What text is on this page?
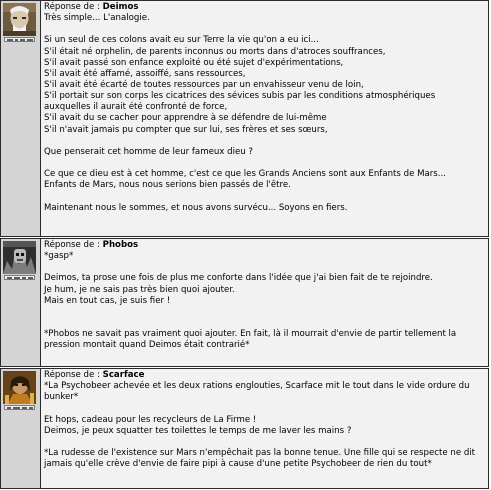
Réponse de : Deimos
Très simple... L'analogie.
Si un seul de ces colons avait eu sur Terre la vie qu'on a eu ici...
S'il était né orphelin, de parents inconnus ou morts dans d'atroces souffrances,
S'il avait passé son enfance exploité ou été sujet d'expérimentations,
S'il avait été affamé, assoiffé, sans ressources,
S'il avait été écarté de toutes ressources par un envahisseur venu de loin,
S'il portait sur son corps les cicatrices des sévices subis par les conditions atmosphériques
auxquelles il aurait été confronté de force,
S'il avait du se cacher pour apprendre à se défendre de lui-même
S'il n'avait jamais pu compter que sur lui, ses frères et ses sœurs,
Que penserait cet homme de leur fameux dieu ?
Ce que ce dieu est à cet homme, c'est ce que les Grands Anciens sont aux Enfants de Mars...
Enfants de Mars, nous nous serions bien passés de l'être.
Maintenant nous le sommes, et nous avons survécu... Soyons en fiers.
Réponse de : Phobos
*gasp*
Deimos, ta prose une fois de plus me conforte dans l'idée que j'ai bien fait de te rejoindre.
Je hum, je ne sais pas très bien quoi ajouter.
Mais en tout cas, je suis fier !
*Phobos ne savait pas vraiment quoi ajouter. En fait, là il mourrait d'envie de partir tellement la
pression montait quand Deimos était contrarié*
Réponse de : Scarface
*La Psychobeer achevée et les deux rations englouties, Scarface mit le tout dans le vide ordure du
bunker*
Et hops, cadeau pour les recycleurs de La Firme !
Deimos, je peux squatter tes toilettes le temps de me laver les mains ?
*La rudesse de l'existence sur Mars n'empêchait pas la bonne tenue. Une fille qui se respecte ne dit
jamais qu'elle crève d'envie de faire pipi à cause d'une petite Psychobeer de rien du tout*
